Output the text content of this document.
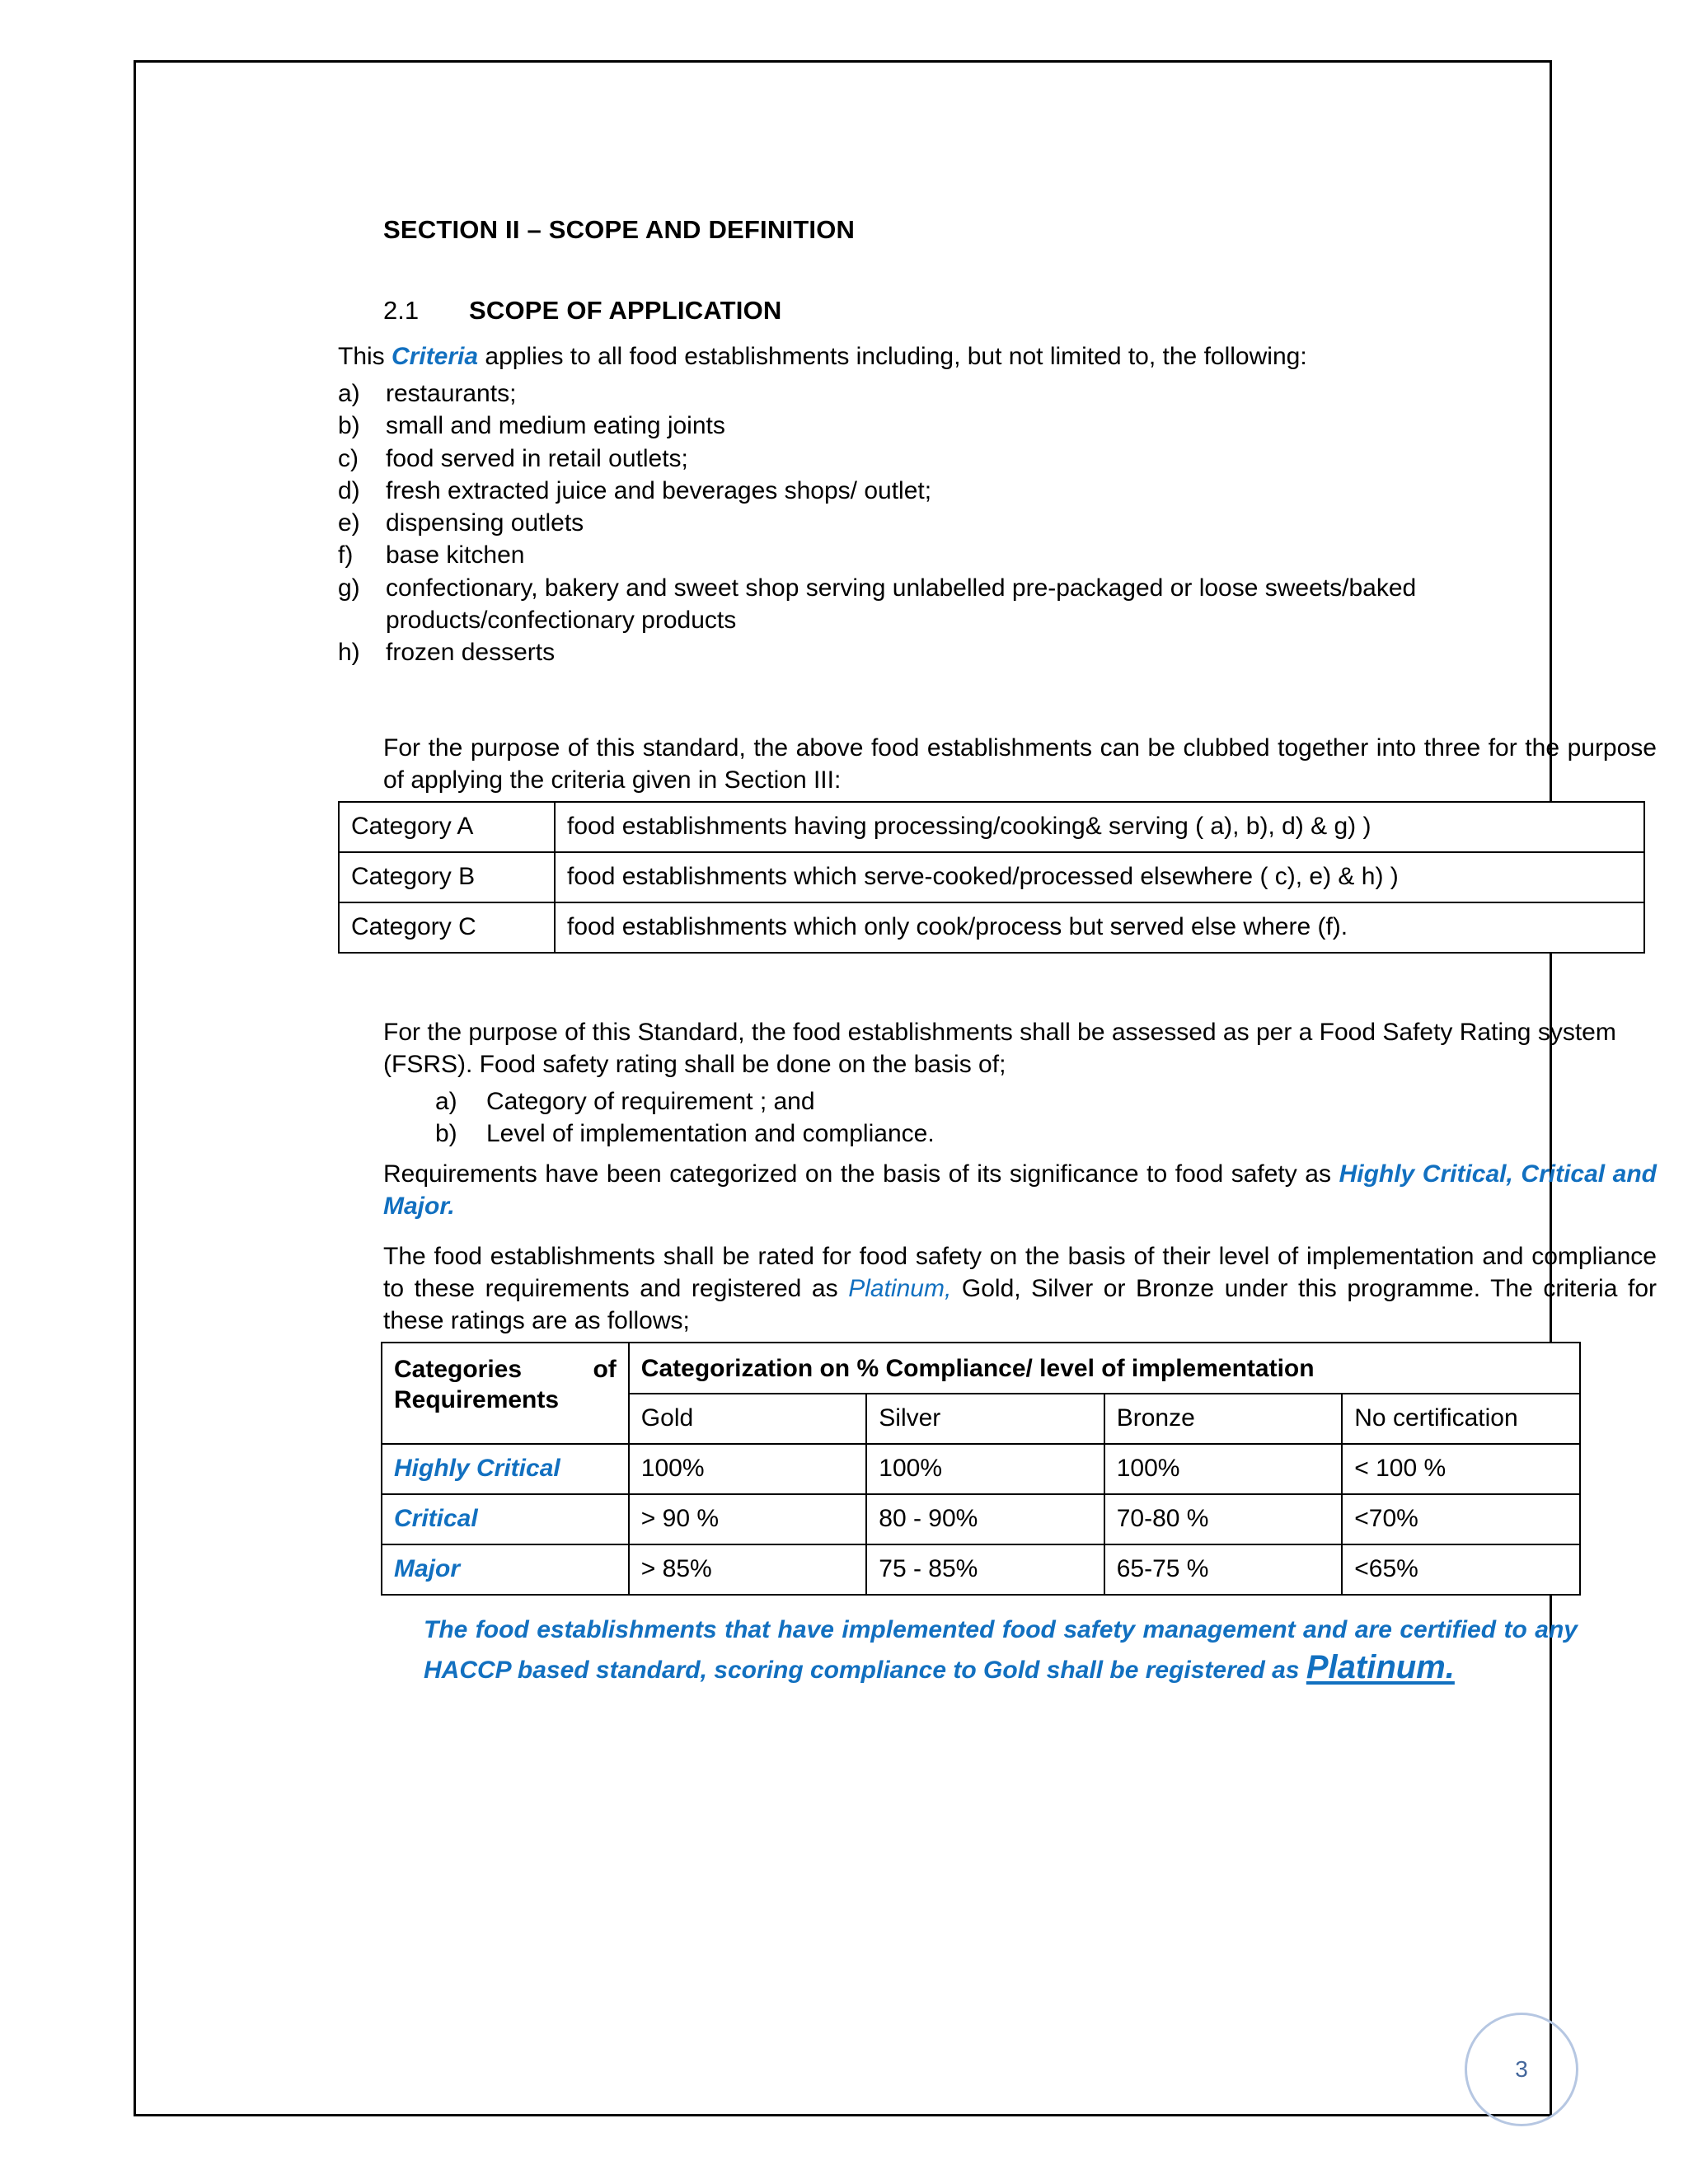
SECTION II – SCOPE AND DEFINITION
2.1	SCOPE OF APPLICATION

This Criteria applies to all food establishments including, but not limited to, the following:

a)	restaurants;
b)	small and medium eating joints
c)	food served in retail outlets;
d)	fresh extracted juice and beverages shops/ outlet;
e)	dispensing outlets
f)	base kitchen
g)	confectionary, bakery and sweet shop serving unlabelled pre-packaged or loose sweets/baked products/confectionary products
h)	frozen desserts

For the purpose of this standard, the above food establishments can be clubbed together into three for the purpose of applying the criteria given in Section III:

Category A	food establishments having processing/cooking& serving ( a), b), d) & g) )
Category B	food establishments which serve-cooked/processed elsewhere ( c), e) & h) )
Category C	food establishments which only cook/process but served else where (f).

For the purpose of this Standard, the food establishments shall be assessed as per a Food Safety Rating system (FSRS). Food safety rating shall be done on the basis of;

a)	Category of requirement ; and
b)	Level of implementation and compliance.

Requirements have been categorized on the basis of its significance to food safety as Highly Critical, Critical and Major.

The food establishments shall be rated for food safety on the basis of their level of implementation and compliance to these requirements and registered as Platinum, Gold, Silver or Bronze under this programme. The criteria for these ratings are as follows;

Categories of Requirements	Categorization on % Compliance/ level of implementation			
	Gold	Silver	Bronze	No certification
Highly Critical	100%	100%	100%	< 100 %
Critical	> 90 %	80 - 90%	70-80 %	<70%
Major	> 85%	75 - 85%	65-75 %	<65%

The food establishments that have implemented food safety management and are certified to any HACCP based standard, scoring compliance to Gold shall be registered as Platinum.

3
